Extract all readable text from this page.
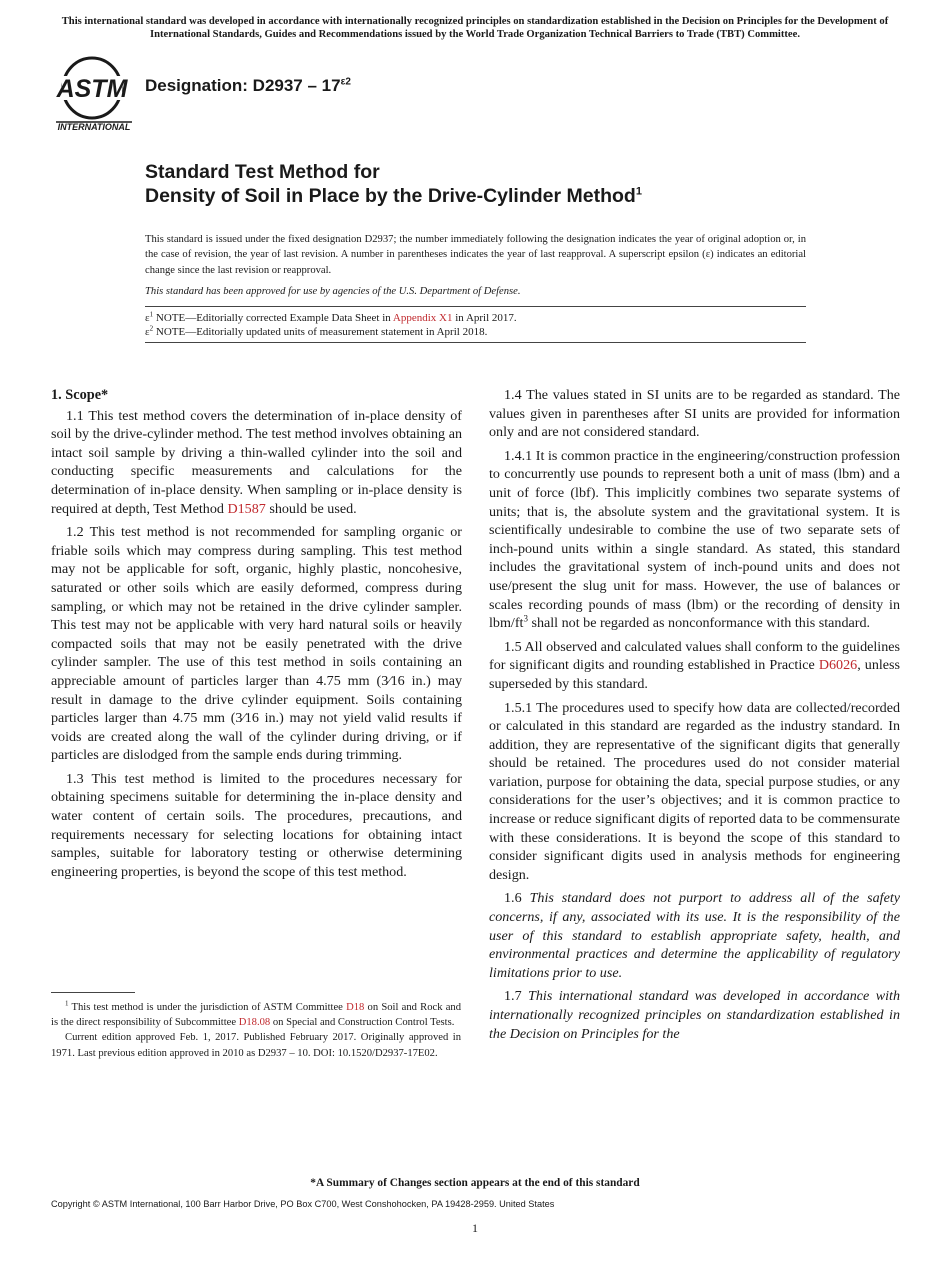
This international standard was developed in accordance with internationally recognized principles on standardization established in the Decision on Principles for the Development of International Standards, Guides and Recommendations issued by the World Trade Organization Technical Barriers to Trade (TBT) Committee.
ASTM
INTERNATIONAL
Designation: $D2937 - 17^{\varepsilon 2}$
Standard Test Method for
Density of Soil in Place by the Drive-Cylinder Method$^1$
This standard is issued under the fixed designation D2937; the number immediately following the designation indicates the year of original adoption or, in the case of revision, the year of last revision. A number in parentheses indicates the year of last reapproval. A superscript epsilon (ε) indicates an editorial change since the last revision or reapproval.
This standard has been approved for use by agencies of the U.S. Department of Defense.
$\varepsilon^1$ NOTE—Editorially corrected Example Data Sheet in Appendix X1 in April 2017.
$\varepsilon^2$ NOTE—Editorially updated units of measurement statement in April 2018.
1. Scope*

1.1 This test method covers the determination of in-place density of soil by the drive-cylinder method. The test method involves obtaining an intact soil sample by driving a thin-walled cylinder into the soil and conducting specific measurements and calculations for the determination of in-place density. When sampling or in-place density is required at depth, Test Method D1587 should be used.

1.2 This test method is not recommended for sampling organic or friable soils which may compress during sampling. This test method may not be applicable for soft, organic, highly plastic, noncohesive, saturated or other soils which are easily deformed, compress during sampling, or which may not be retained in the drive cylinder sampler. This test may not be applicable with very hard natural soils or heavily compacted soils that may not be easily penetrated with the drive cylinder sampler. The use of this test method in soils containing an appreciable amount of particles larger than 4.75 mm (3⁄16 in.) may result in damage to the drive cylinder equipment. Soils containing particles larger than 4.75 mm (3⁄16 in.) may not yield valid results if voids are created along the wall of the cylinder during driving, or if particles are dislodged from the sample ends during trimming.

1.3 This test method is limited to the procedures necessary for obtaining specimens suitable for determining the in-place density and water content of certain soils. The procedures, precautions, and requirements necessary for selecting locations for obtaining intact samples, suitable for laboratory testing or otherwise determining engineering properties, is beyond the scope of this test method.

1.4 The values stated in SI units are to be regarded as standard. The values given in parentheses after SI units are provided for information only and are not considered standard.

1.4.1 It is common practice in the engineering/construction profession to concurrently use pounds to represent both a unit of mass (lbm) and a unit of force (lbf). This implicitly combines two separate systems of units; that is, the absolute system and the gravitational system. It is scientifically undesirable to combine the use of two separate sets of inch-pound units within a single standard. As stated, this standard includes the gravitational system of inch-pound units and does not use/present the slug unit for mass. However, the use of balances or scales recording pounds of mass (lbm) or the recording of density in lbm/$ft^3$ shall not be regarded as nonconformance with this standard.

1.5 All observed and calculated values shall conform to the guidelines for significant digits and rounding established in Practice D6026, unless superseded by this standard.

1.5.1 The procedures used to specify how data are collected/recorded or calculated in this standard are regarded as the industry standard. In addition, they are representative of the significant digits that generally should be retained. The procedures used do not consider material variation, purpose for obtaining the data, special purpose studies, or any considerations for the user’s objectives; and it is common practice to increase or reduce significant digits of reported data to be commensurate with these considerations. It is beyond the scope of this standard to consider significant digits used in analysis methods for engineering design.

1.6 This standard does not purport to address all of the safety concerns, if any, associated with its use. It is the responsibility of the user of this standard to establish appropriate safety, health, and environmental practices and determine the applicability of regulatory limitations prior to use.

1.7 This international standard was developed in accordance with internationally recognized principles on standardization established in the Decision on Principles for the

$^1$ This test method is under the jurisdiction of ASTM Committee D18 on Soil and Rock and is the direct responsibility of Subcommittee D18.08 on Special and Construction Control Tests.

Current edition approved Feb. 1, 2017. Published February 2017. Originally approved in 1971. Last previous edition approved in 2010 as D2937 – 10. DOI: 10.1520/D2937-17E02.

*A Summary of Changes section appears at the end of this standard
Copyright © ASTM International, 100 Barr Harbor Drive, PO Box C700, West Conshohocken, PA 19428-2959. United States
1
